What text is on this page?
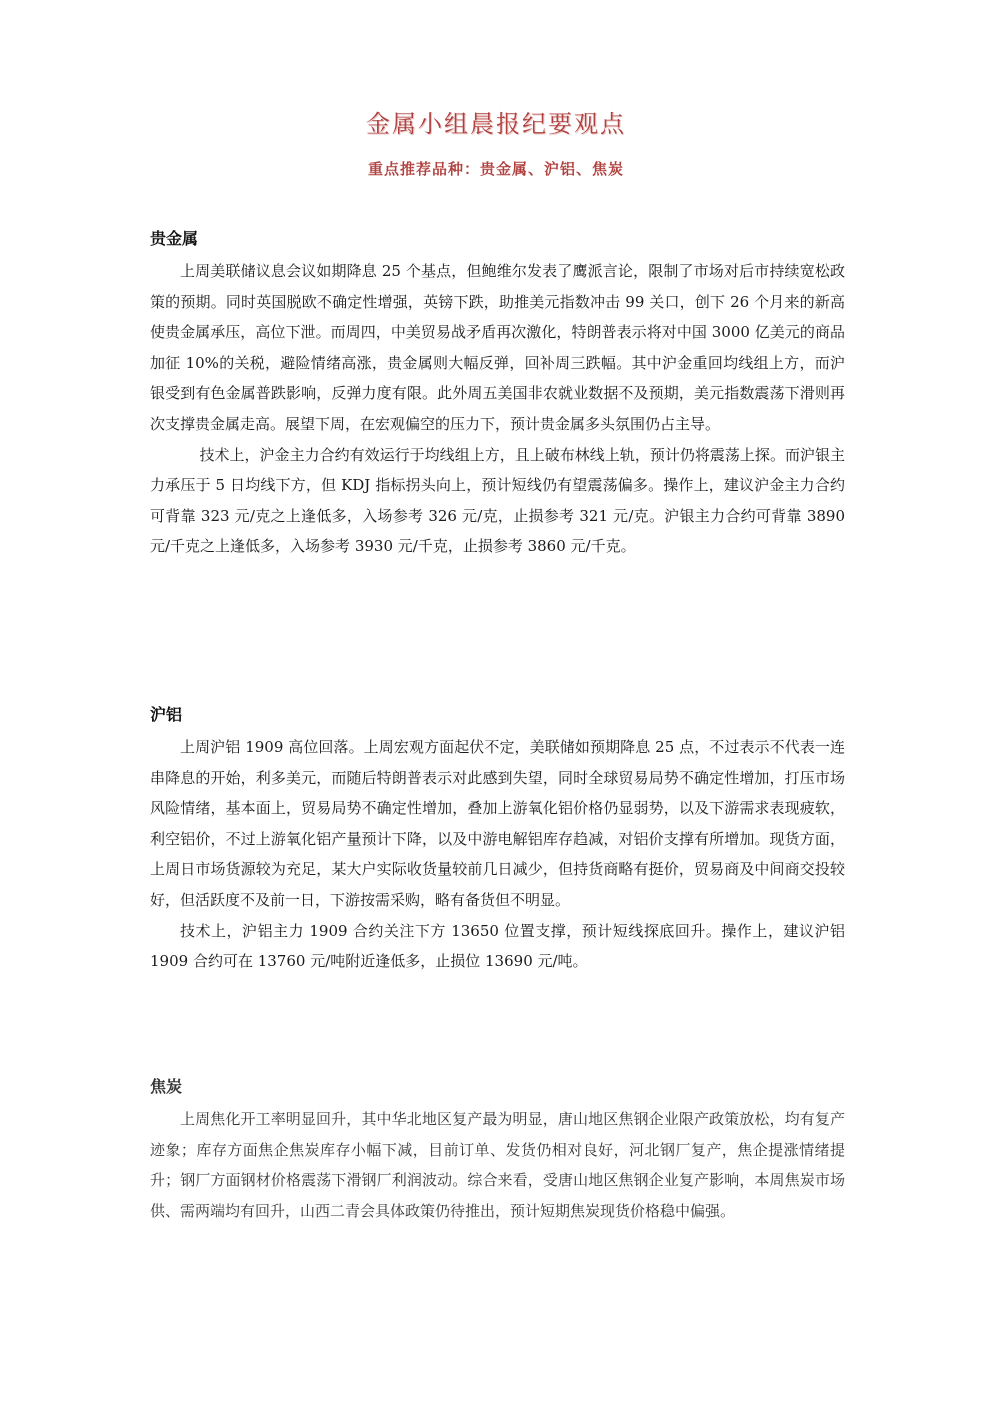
金属小组晨报纪要观点
重点推荐品种：贵金属、沪铝、焦炭
贵金属

上周美联储议息会议如期降息 25 个基点，但鲍维尔发表了鹰派言论，限制了市场对后市持续宽松政策的预期。同时英国脱欧不确定性增强，英镑下跌，助推美元指数冲击 99 关口，创下 26 个月来的新高使贵金属承压，高位下泄。而周四，中美贸易战矛盾再次激化，特朗普表示将对中国 3000 亿美元的商品加征 10%的关税，避险情绪高涨，贵金属则大幅反弹，回补周三跌幅。其中沪金重回均线组上方，而沪银受到有色金属普跌影响，反弹力度有限。此外周五美国非农就业数据不及预期，美元指数震荡下滑则再次支撑贵金属走高。展望下周，在宏观偏空的压力下，预计贵金属多头氛围仍占主导。

技术上，沪金主力合约有效运行于均线组上方，且上破布林线上轨，预计仍将震荡上探。而沪银主力承压于 5 日均线下方，但 KDJ 指标拐头向上，预计短线仍有望震荡偏多。操作上，建议沪金主力合约可背靠 323 元/克之上逢低多，入场参考 326 元/克，止损参考 321 元/克。沪银主力合约可背靠 3890 元/千克之上逢低多，入场参考 3930 元/千克，止损参考 3860 元/千克。

沪铝

上周沪铝 1909 高位回落。上周宏观方面起伏不定，美联储如预期降息 25 点，不过表示不代表一连串降息的开始，利多美元，而随后特朗普表示对此感到失望，同时全球贸易局势不确定性增加，打压市场风险情绪，基本面上，贸易局势不确定性增加，叠加上游氧化铝价格仍显弱势，以及下游需求表现疲软，利空铝价，不过上游氧化铝产量预计下降，以及中游电解铝库存趋减，对铝价支撑有所增加。现货方面，上周日市场货源较为充足，某大户实际收货量较前几日减少，但持货商略有挺价，贸易商及中间商交投较好，但活跃度不及前一日，下游按需采购，略有备货但不明显。

技术上，沪铝主力 1909 合约关注下方 13650 位置支撑，预计短线探底回升。操作上，建议沪铝 1909 合约可在 13760 元/吨附近逢低多，止损位 13690 元/吨。

焦炭

上周焦化开工率明显回升，其中华北地区复产最为明显，唐山地区焦钢企业限产政策放松，均有复产迹象；库存方面焦企焦炭库存小幅下减，目前订单、发货仍相对良好，河北钢厂复产，焦企提涨情绪提升；钢厂方面钢材价格震荡下滑钢厂利润波动。综合来看，受唐山地区焦钢企业复产影响，本周焦炭市场供、需两端均有回升，山西二青会具体政策仍待推出，预计短期焦炭现货价格稳中偏强。
